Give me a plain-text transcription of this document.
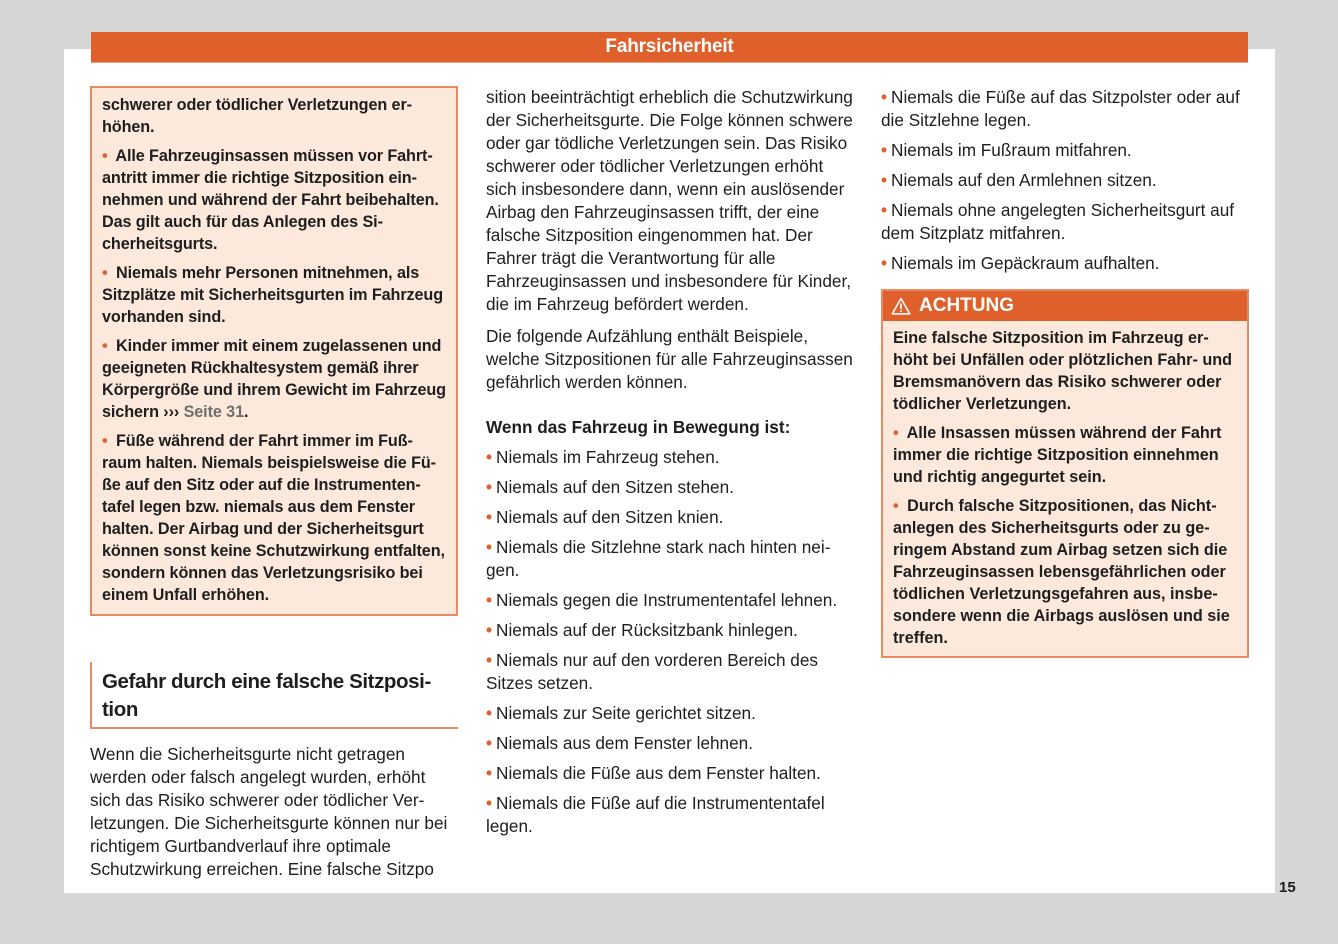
Fahrsicherheit

schwerer oder tödlicher Verletzungen erhöhen.

• Alle Fahrzeuginsassen müssen vor Fahrtantritt immer die richtige Sitzposition einnehmen und während der Fahrt beibehalten. Das gilt auch für das Anlegen des Sicherheitsgurts.

• Niemals mehr Personen mitnehmen, als Sitzplätze mit Sicherheitsgurten im Fahrzeug vorhanden sind.

• Kinder immer mit einem zugelassenen und geeigneten Rückhaltesystem gemäß ihrer Körpergröße und ihrem Gewicht im Fahrzeug sichern ››› Seite 31.

• Füße während der Fahrt immer im Fußraum halten. Niemals beispielsweise die Füße auf den Sitz oder auf die Instrumententafel legen bzw. niemals aus dem Fenster halten. Der Airbag und der Sicherheitsgurt können sonst keine Schutzwirkung entfalten, sondern können das Verletzungsrisiko bei einem Unfall erhöhen.

Gefahr durch eine falsche Sitzposition

Wenn die Sicherheitsgurte nicht getragen werden oder falsch angelegt wurden, erhöht sich das Risiko schwerer oder tödlicher Verletzungen. Die Sicherheitsgurte können nur bei richtigem Gurtbandverlauf ihre optimale Schutzwirkung erreichen. Eine falsche Sitzpo

sition beeinträchtigt erheblich die Schutzwirkung der Sicherheitsgurte. Die Folge können schwere oder gar tödliche Verletzungen sein. Das Risiko schwerer oder tödlicher Verletzungen erhöht sich insbesondere dann, wenn ein auslösender Airbag den Fahrzeuginsassen trifft, der eine falsche Sitzposition eingenommen hat. Der Fahrer trägt die Verantwortung für alle Fahrzeuginsassen und insbesondere für Kinder, die im Fahrzeug befördert werden.

Die folgende Aufzählung enthält Beispiele, welche Sitzpositionen für alle Fahrzeuginsassen gefährlich werden können.

Wenn das Fahrzeug in Bewegung ist:

• Niemals im Fahrzeug stehen.

• Niemals auf den Sitzen stehen.

• Niemals auf den Sitzen knien.

• Niemals die Sitzlehne stark nach hinten neigen.

• Niemals gegen die Instrumententafel lehnen.

• Niemals auf der Rücksitzbank hinlegen.

• Niemals nur auf den vorderen Bereich des Sitzes setzen.

• Niemals zur Seite gerichtet sitzen.

• Niemals aus dem Fenster lehnen.

• Niemals die Füße aus dem Fenster halten.

• Niemals die Füße auf die Instrumententafel legen.

• Niemals die Füße auf das Sitzpolster oder auf die Sitzlehne legen.

• Niemals im Fußraum mitfahren.

• Niemals auf den Armlehnen sitzen.

• Niemals ohne angelegten Sicherheitsgurt auf dem Sitzplatz mitfahren.

• Niemals im Gepäckraum aufhalten.

ACHTUNG

Eine falsche Sitzposition im Fahrzeug erhöht bei Unfällen oder plötzlichen Fahr- und Bremsmanövern das Risiko schwerer oder tödlicher Verletzungen.

• Alle Insassen müssen während der Fahrt immer die richtige Sitzposition einnehmen und richtig angegurtet sein.

• Durch falsche Sitzpositionen, das Nichtanlegen des Sicherheitsgurts oder zu geringem Abstand zum Airbag setzen sich die Fahrzeuginsassen lebensgefährlichen oder tödlichen Verletzungsgefahren aus, insbesondere wenn die Airbags auslösen und sie treffen.

15
